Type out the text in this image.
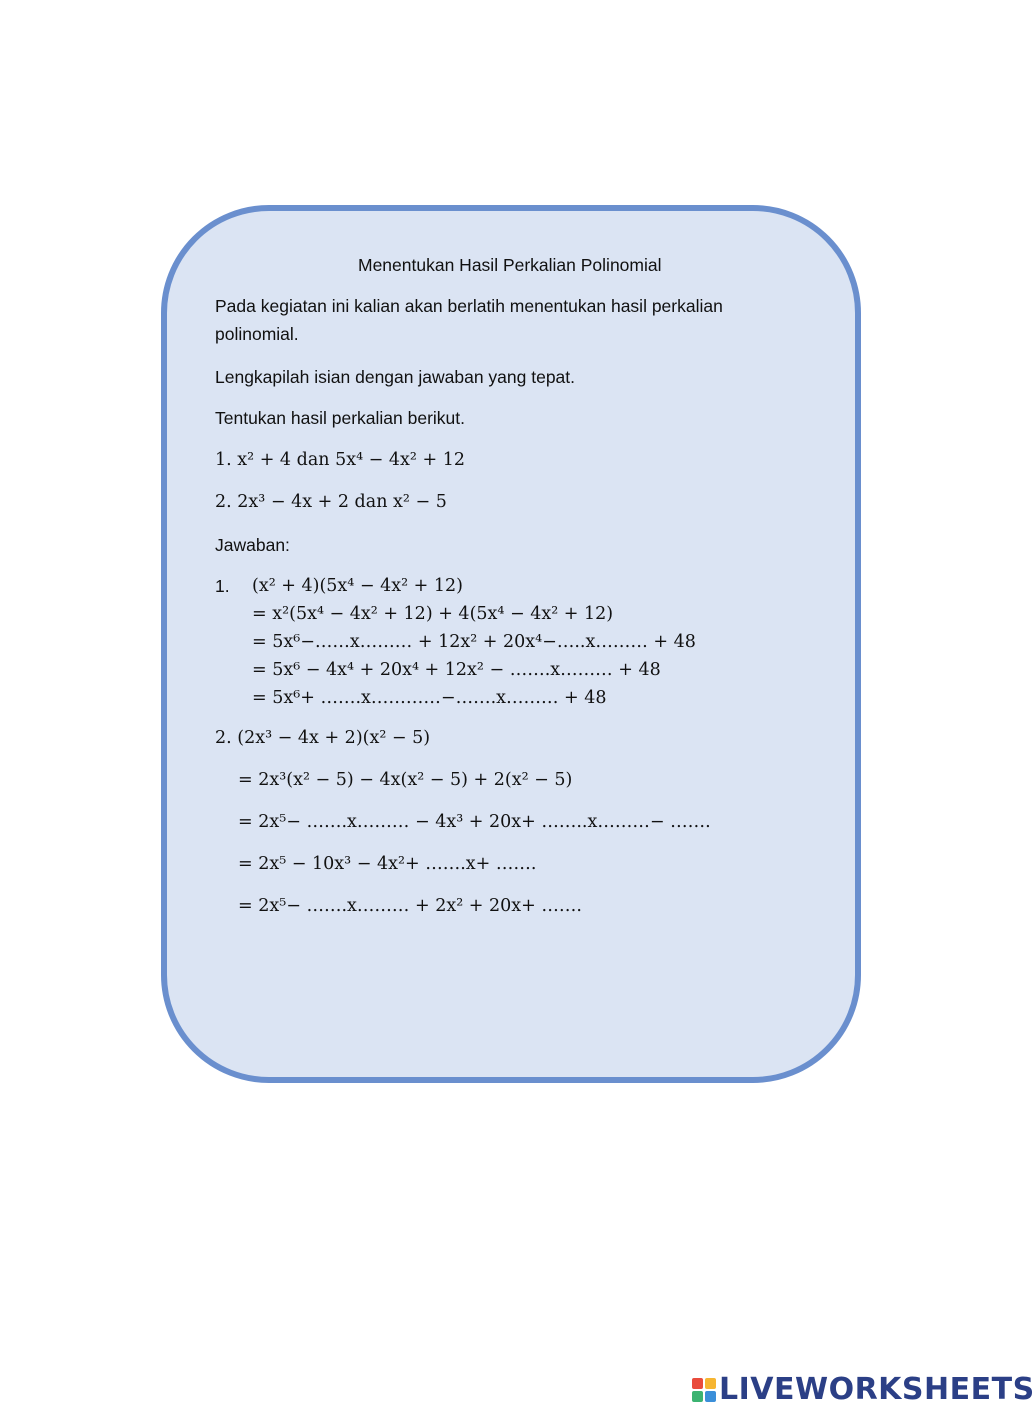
Menentukan Hasil Perkalian Polinomial
Pada kegiatan ini kalian akan berlatih menentukan hasil perkalian
polinomial.
Lengkapilah isian dengan jawaban yang tepat.
Tentukan hasil perkalian berikut.
1. x² + 4 dan 5x⁴ − 4x² + 12
2. 2x³ − 4x + 2 dan x² − 5
Jawaban:
1. (x² + 4)(5x⁴ − 4x² + 12)
= x²(5x⁴ − 4x² + 12) + 4(5x⁴ − 4x² + 12)
= 5x⁶−……x……… + 12x² + 20x⁴−…..x……… + 48
= 5x⁶ − 4x⁴ + 20x⁴ + 12x² − …….x……… + 48
= 5x⁶+ …….x…………−…….x……… + 48
2. (2x³ − 4x + 2)(x² − 5)
= 2x³(x² − 5) − 4x(x² − 5) + 2(x² − 5)
= 2x⁵− …….x……… − 4x³ + 20x+ ……..x………− …….
= 2x⁵ − 10x³ − 4x²+ …….x+ …….
= 2x⁵− …….x……… + 2x² + 20x+ …….
LIVEWORKSHEETS
